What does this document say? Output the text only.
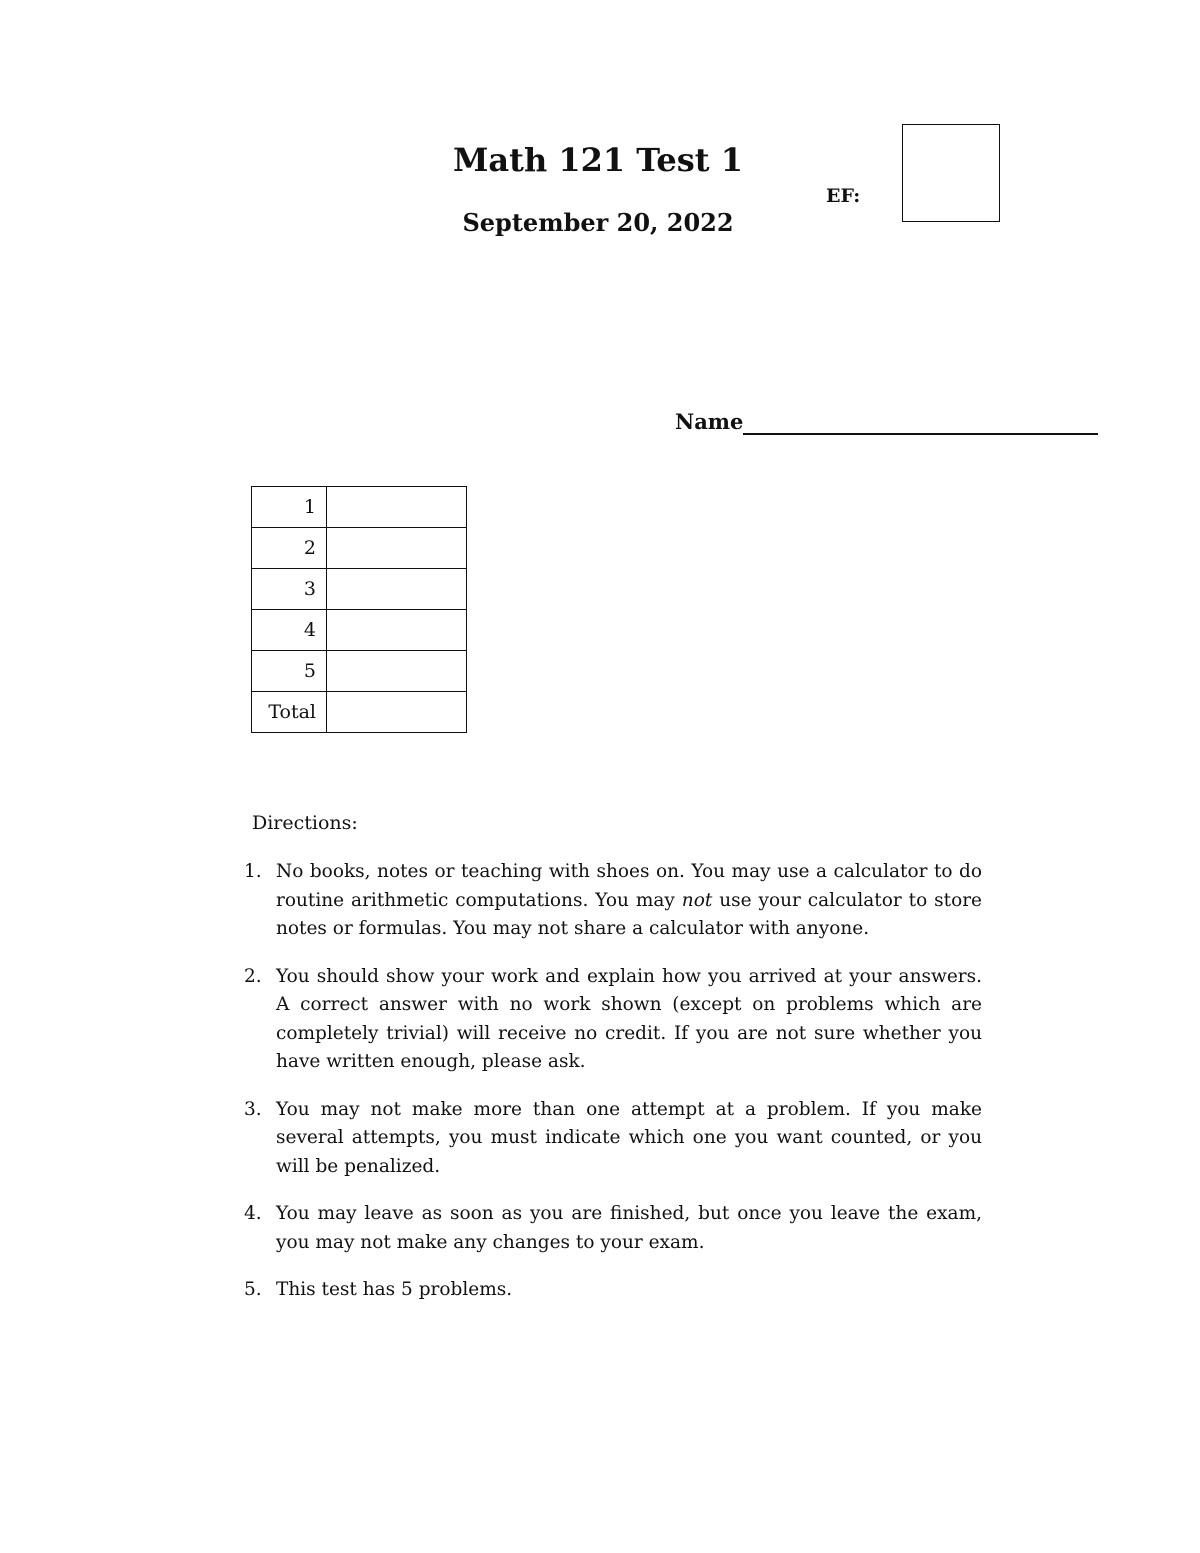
Math 121 Test 1
September 20, 2022
EF:
Name
1	
2	
3	
4	
5	
Total	
Directions:
1. No books, notes or teaching with shoes on. You may use a calculator to do routine arithmetic computations. You may not use your calculator to store notes or formulas. You may not share a calculator with anyone.
2. You should show your work and explain how you arrived at your answers. A correct answer with no work shown (except on problems which are completely trivial) will receive no credit. If you are not sure whether you have written enough, please ask.
3. You may not make more than one attempt at a problem. If you make several attempts, you must indicate which one you want counted, or you will be penalized.
4. You may leave as soon as you are finished, but once you leave the exam, you may not make any changes to your exam.
5. This test has 5 problems.
